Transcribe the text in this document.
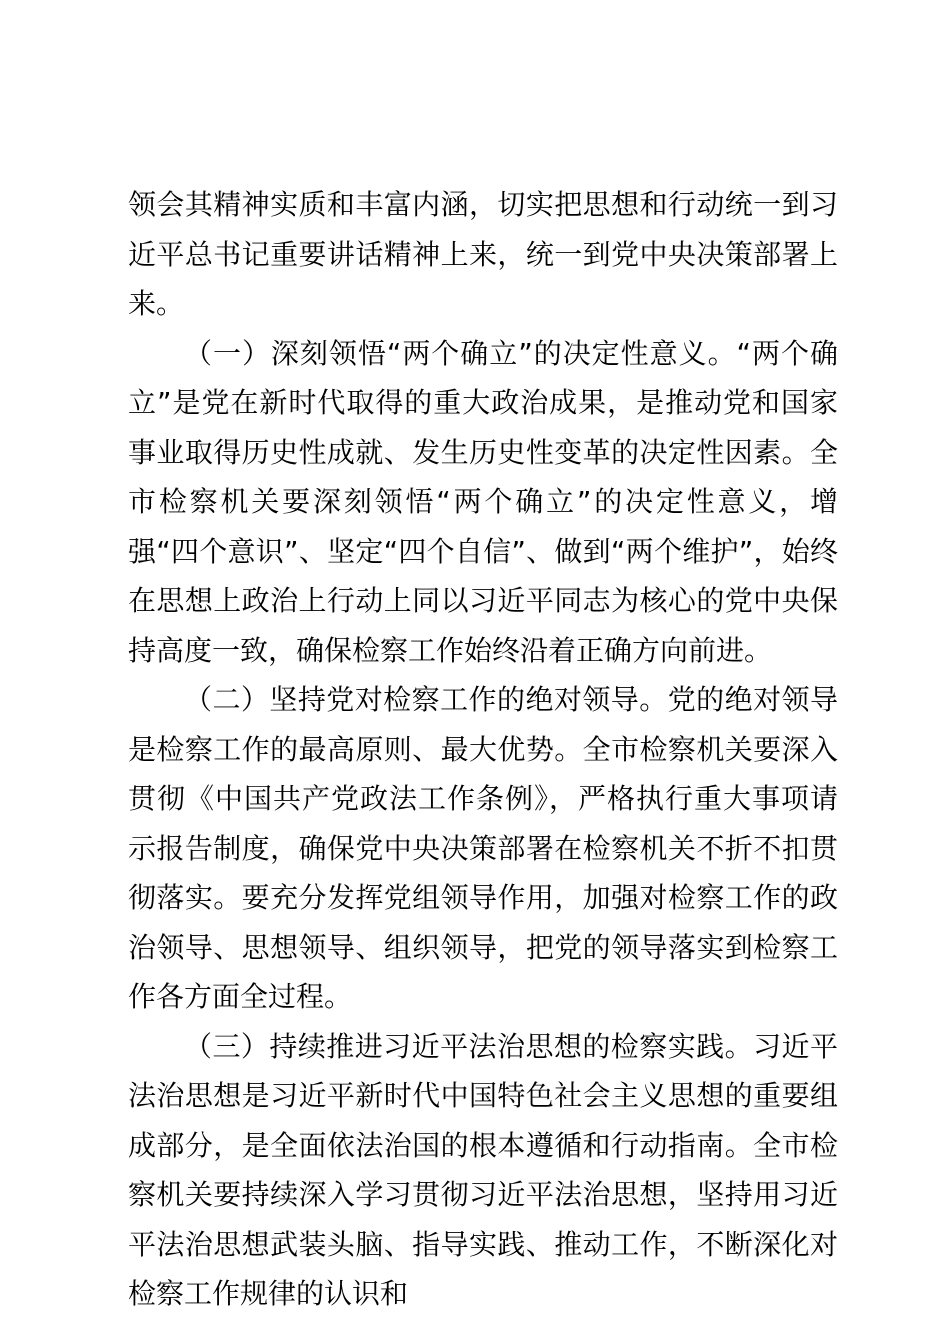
领会其精神实质和丰富内涵，切实把思想和行动统一到习近平总书记重要讲话精神上来，统一到党中央决策部署上来。

（一）深刻领悟“两个确立”的决定性意义。“两个确立”是党在新时代取得的重大政治成果，是推动党和国家事业取得历史性成就、发生历史性变革的决定性因素。全市检察机关要深刻领悟“两个确立”的决定性意义，增强“四个意识”、坚定“四个自信”、做到“两个维护”，始终在思想上政治上行动上同以习近平同志为核心的党中央保持高度一致，确保检察工作始终沿着正确方向前进。

（二）坚持党对检察工作的绝对领导。党的绝对领导是检察工作的最高原则、最大优势。全市检察机关要深入贯彻《中国共产党政法工作条例》，严格执行重大事项请示报告制度，确保党中央决策部署在检察机关不折不扣贯彻落实。要充分发挥党组领导作用，加强对检察工作的政治领导、思想领导、组织领导，把党的领导落实到检察工作各方面全过程。

（三）持续推进习近平法治思想的检察实践。习近平法治思想是习近平新时代中国特色社会主义思想的重要组成部分，是全面依法治国的根本遵循和行动指南。全市检察机关要持续深入学习贯彻习近平法治思想，坚持用习近平法治思想武装头脑、指导实践、推动工作，不断深化对检察工作规律的认识和
